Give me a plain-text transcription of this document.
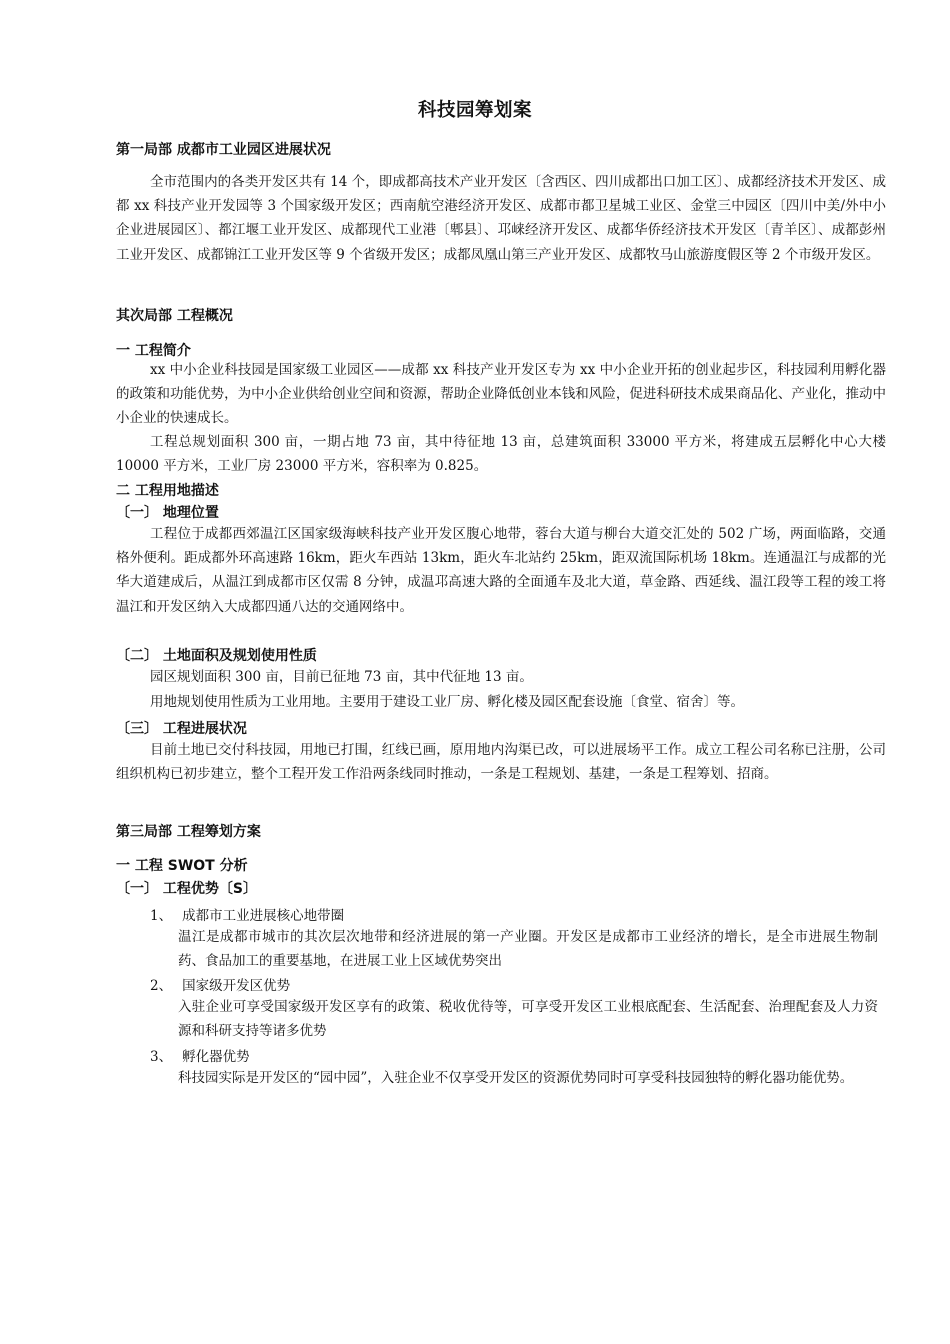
科技园筹划案
第一局部 成都市工业园区进展状况
全市范围内的各类开发区共有 14 个，即成都高技术产业开发区〔含西区、四川成都出口加工区〕、成都经济技术开发区、成都 xx 科技产业开发园等 3 个国家级开发区；西南航空港经济开发区、成都市都卫星城工业区、金堂三中园区〔四川中美/外中小企业进展园区〕、都江堰工业开发区、成都现代工业港〔郫县〕、邛崃经济开发区、成都华侨经济技术开发区〔青羊区〕、成都彭州工业开发区、成都锦江工业开发区等 9 个省级开发区；成都凤凰山第三产业开发区、成都牧马山旅游度假区等 2 个市级开发区。
其次局部 工程概况
一 工程简介
xx 中小企业科技园是国家级工业园区——成都 xx 科技产业开发区专为 xx 中小企业开拓的创业起步区，科技园利用孵化器的政策和功能优势，为中小企业供给创业空间和资源，帮助企业降低创业本钱和风险，促进科研技术成果商品化、产业化，推动中小企业的快速成长。
工程总规划面积 300 亩，一期占地 73 亩，其中待征地 13 亩，总建筑面积 33000 平方米，将建成五层孵化中心大楼 10000 平方米，工业厂房 23000 平方米，容积率为 0.825。
二 工程用地描述
〔一〕 地理位置
工程位于成都西郊温江区国家级海峡科技产业开发区腹心地带，蓉台大道与柳台大道交汇处的 502 广场，两面临路，交通格外便利。距成都外环高速路 16km，距火车西站 13km，距火车北站约 25km，距双流国际机场 18km。连通温江与成都的光华大道建成后，从温江到成都市区仅需 8 分钟，成温邛高速大路的全面通车及北大道，草金路、西延线、温江段等工程的竣工将温江和开发区纳入大成都四通八达的交通网络中。
〔二〕 土地面积及规划使用性质
园区规划面积 300 亩，目前已征地 73 亩，其中代征地 13 亩。
用地规划使用性质为工业用地。主要用于建设工业厂房、孵化楼及园区配套设施〔食堂、宿舍〕等。
〔三〕 工程进展状况
目前土地已交付科技园，用地已打围，红线已画，原用地内沟渠已改，可以进展场平工作。成立工程公司名称已注册，公司组织机构已初步建立，整个工程开发工作沿两条线同时推动，一条是工程规划、基建，一条是工程筹划、招商。
第三局部 工程筹划方案
一 工程 SWOT 分析
〔一〕 工程优势〔S〕
1、 成都市工业进展核心地带圈
温江是成都市城市的其次层次地带和经济进展的第一产业圈。开发区是成都市工业经济的增长，是全市进展生物制药、食品加工的重要基地，在进展工业上区域优势突出
2、 国家级开发区优势
入驻企业可享受国家级开发区享有的政策、税收优待等，可享受开发区工业根底配套、生活配套、治理配套及人力资源和科研支持等诸多优势
3、 孵化器优势
科技园实际是开发区的“园中园”，入驻企业不仅享受开发区的资源优势同时可享受科技园独特的孵化器功能优势。
